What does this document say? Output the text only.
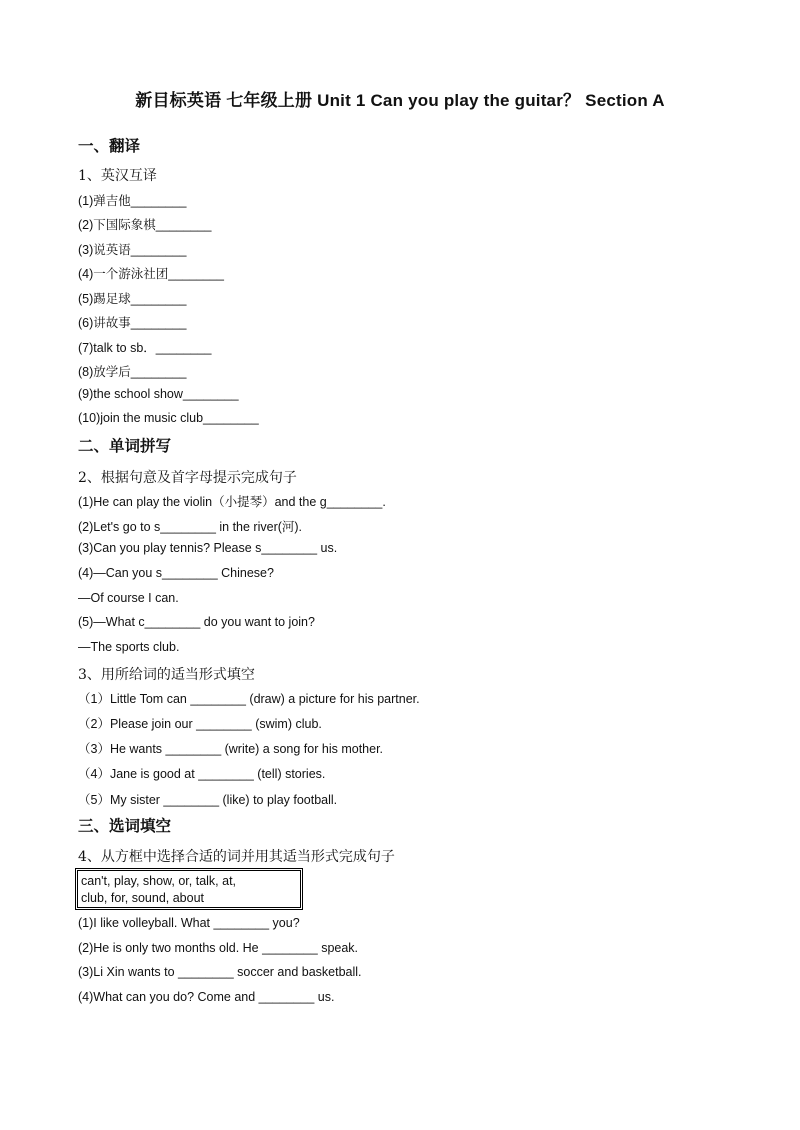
新目标英语 七年级上册 Unit 1 Can you play the guitar？ Section A
一、翻译
1、英汉互译
(1)弹吉他________
(2)下国际象棋________
(3)说英语________
(4)一个游泳社团________
(5)踢足球________
(6)讲故事________
(7)talk to sb．________
(8)放学后________
(9)the school show________
(10)join the music club________
二、单词拼写
2、根据句意及首字母提示完成句子
(1)He can play the violin（小提琴）and the g________.
(2)Let's go to s________ in the river(河).
(3)Can you play tennis? Please s________ us.
(4)—Can you s________ Chinese?
—Of course I can.
(5)—What c________ do you want to join?
—The sports club.
3、用所给词的适当形式填空
（1）Little Tom can ________ (draw) a picture for his partner.
（2）Please join our ________ (swim) club.
（3）He wants ________ (write) a song for his mother.
（4）Jane is good at ________ (tell) stories.
（5）My sister ________ (like) to play football.
三、选词填空
4、从方框中选择合适的词并用其适当形式完成句子
can't, play, show, or, talk, at,
club, for, sound, about
(1)I like volleyball. What ________ you?
(2)He is only two months old. He ________ speak.
(3)Li Xin wants to ________ soccer and basketball.
(4)What can you do? Come and ________ us.
